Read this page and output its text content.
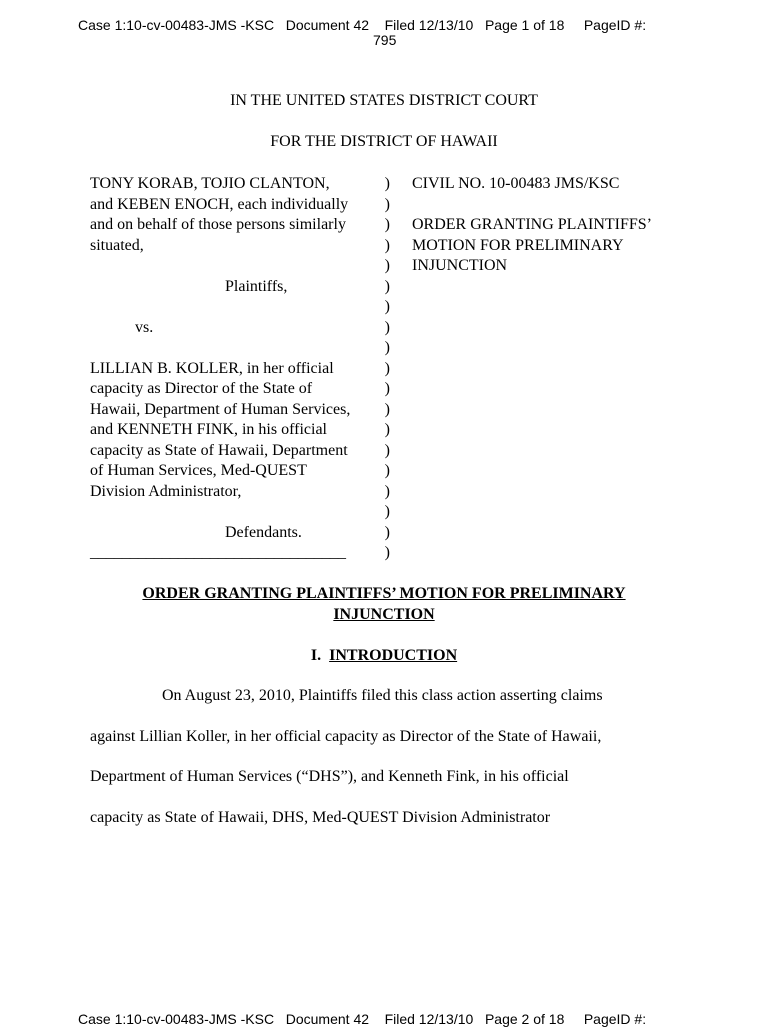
Case 1:10-cv-00483-JMS -KSC   Document 42    Filed 12/13/10   Page 1 of 18     PageID #:

795

IN THE UNITED STATES DISTRICT COURT
FOR THE DISTRICT OF HAWAII
TONY KORAB, TOJIO CLANTON,
and KEBEN ENOCH, each individually
and on behalf of those persons similarly
situated,
Plaintiffs,
vs.
LILLIAN B. KOLLER, in her official
capacity as Director of the State of
Hawaii, Department of Human Services,
and KENNETH FINK, in his official
capacity as State of Hawaii, Department
of Human Services, Med-QUEST
Division Administrator,
Defendants.
________________________________
)
)
)
)
)
)
)
)
)
)
)
)
)
)
)
)
)
)
)
CIVIL NO. 10-00483 JMS/KSC
ORDER GRANTING PLAINTIFFS’
MOTION FOR PRELIMINARY
INJUNCTION
ORDER GRANTING PLAINTIFFS’ MOTION FOR PRELIMINARY
INJUNCTION
I. INTRODUCTION
On August 23, 2010, Plaintiffs filed this class action asserting claims
against Lillian Koller, in her official capacity as Director of the State of Hawaii,
Department of Human Services (“DHS”), and Kenneth Fink, in his official
capacity as State of Hawaii, DHS, Med-QUEST Division Administrator
Case 1:10-cv-00483-JMS -KSC   Document 42    Filed 12/13/10   Page 2 of 18     PageID #:
